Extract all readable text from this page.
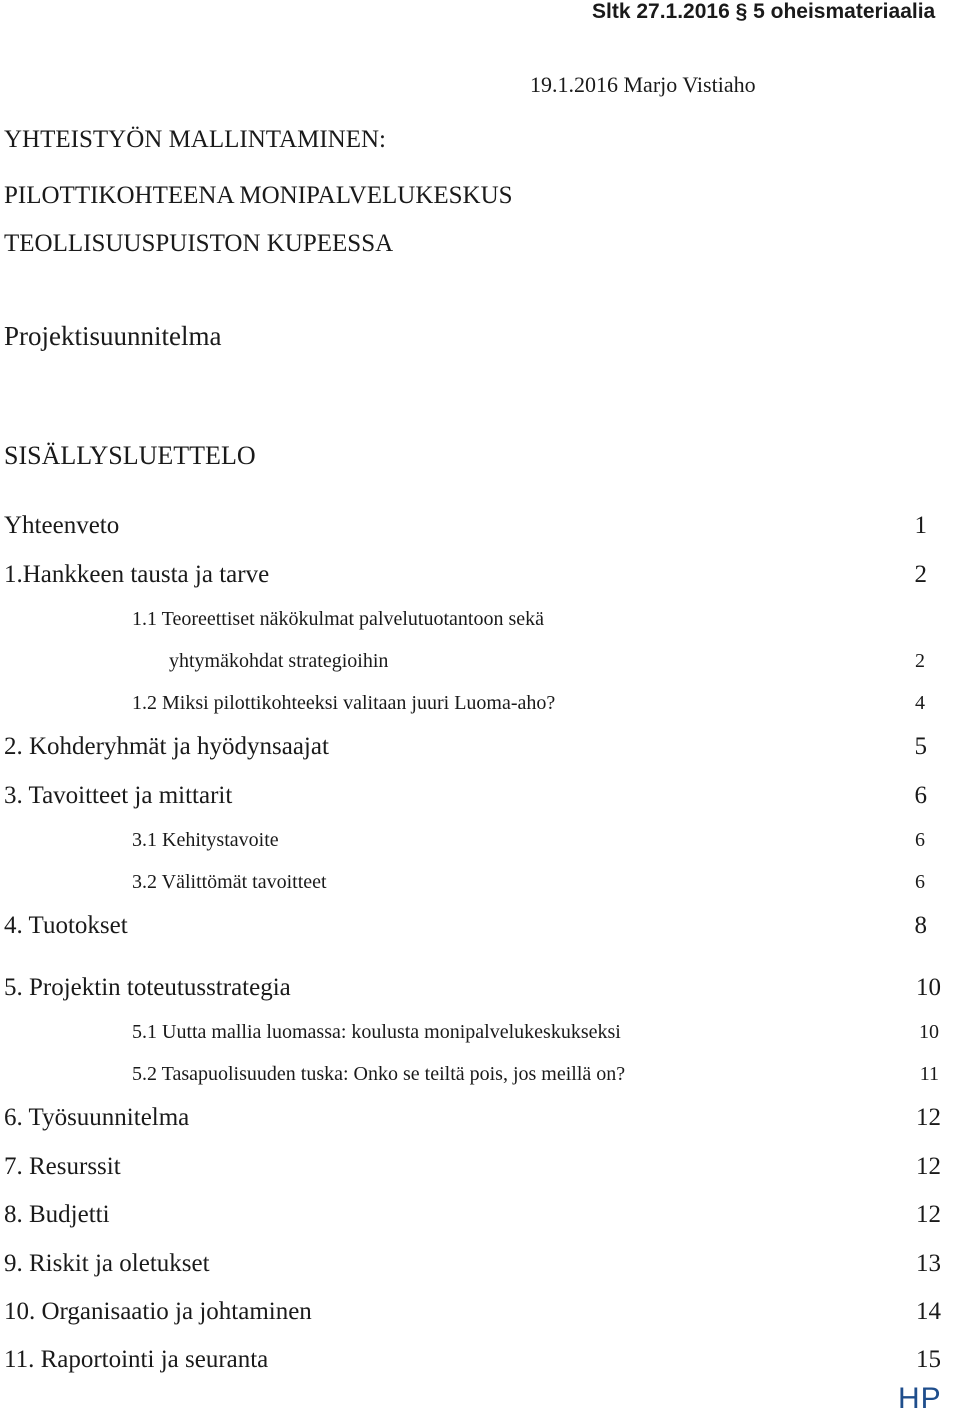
Sltk 27.1.2016 § 5 oheismateriaalia
19.1.2016 Marjo Vistiaho
YHTEISTYÖN MALLINTAMINEN:
PILOTTIKOHTEENA MONIPALVELUKESKUS
TEOLLISUUSPUISTON KUPEESSA
Projektisuunnitelma
SISÄLLYSLUETTELO
Yhteenveto	1
1.Hankkeen tausta ja tarve	2
1.1 Teoreettiset näkökulmat palvelutuotantoon sekä
yhtymäkohdat strategioihin	2
1.2 Miksi pilottikohteeksi valitaan juuri Luoma-aho?	4
2. Kohderyhmät ja hyödynsaajat	5
3. Tavoitteet ja mittarit	6
3.1 Kehitystavoite	6
3.2 Välittömät tavoitteet	6
4. Tuotokset	8
5. Projektin toteutusstrategia	10
5.1 Uutta mallia luomassa: koulusta monipalvelukeskukseksi	10
5.2 Tasapuolisuuden tuska: Onko se teiltä pois, jos meillä on?	11
6. Työsuunnitelma	12
7. Resurssit	12
8. Budjetti	12
9. Riskit ja oletukset	13
10. Organisaatio ja johtaminen	14
11. Raportointi ja seuranta	15
HP
